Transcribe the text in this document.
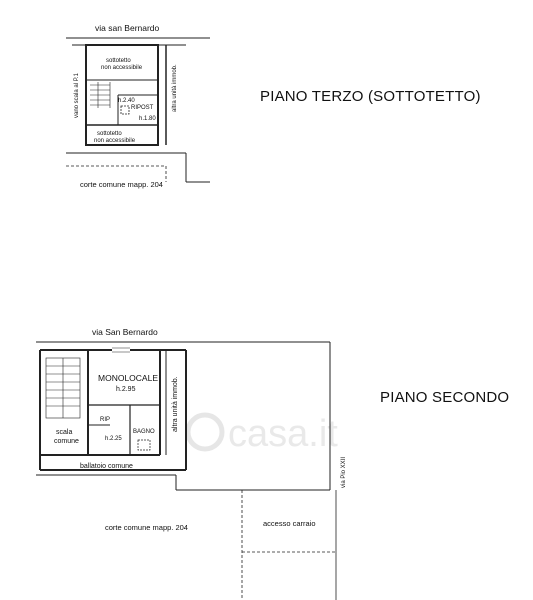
casa.it
via san Bernardo
vano scala al P.1	altra unità immob.
sottotetto
non accessibile
h.2.40
RIPOST
h.1.80
sottotetto
non accessibile
corte comune mapp. 204
PIANO TERZO (SOTTOTETTO)
via San Bernardo
MONOLOCALE
h.2.95	altra unità immob.
scala
comune
RIP
BAGNO
h.2.25
ballatoio comune	via Pio XXII
corte comune mapp. 204	accesso carraio
PIANO SECONDO
